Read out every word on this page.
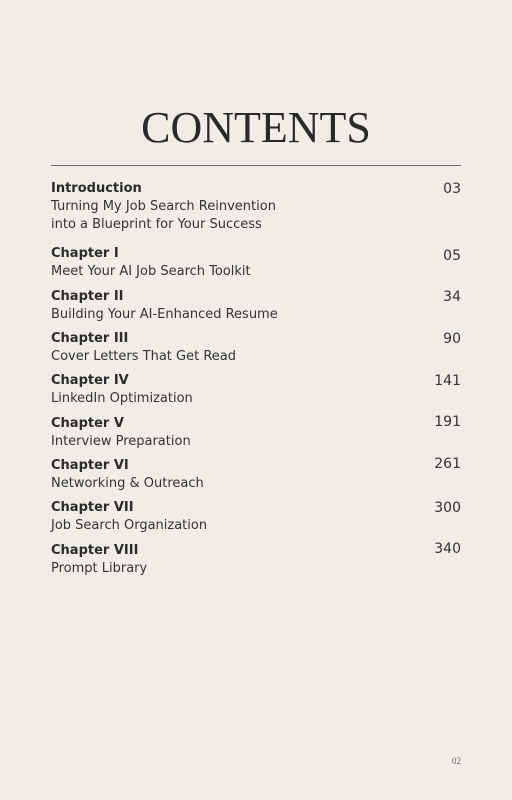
CONTENTS
Introduction
Turning My Job Search Reinvention
into a Blueprint for Your Success
03
Chapter I
Meet Your AI Job Search Toolkit
05
Chapter II
Building Your AI-Enhanced Resume
34
Chapter III
Cover Letters That Get Read
90
Chapter IV
LinkedIn Optimization
141
Chapter V
Interview Preparation
191
Chapter VI
Networking & Outreach
261
Chapter VII
Job Search Organization
300
Chapter VIII
Prompt Library
340
02
